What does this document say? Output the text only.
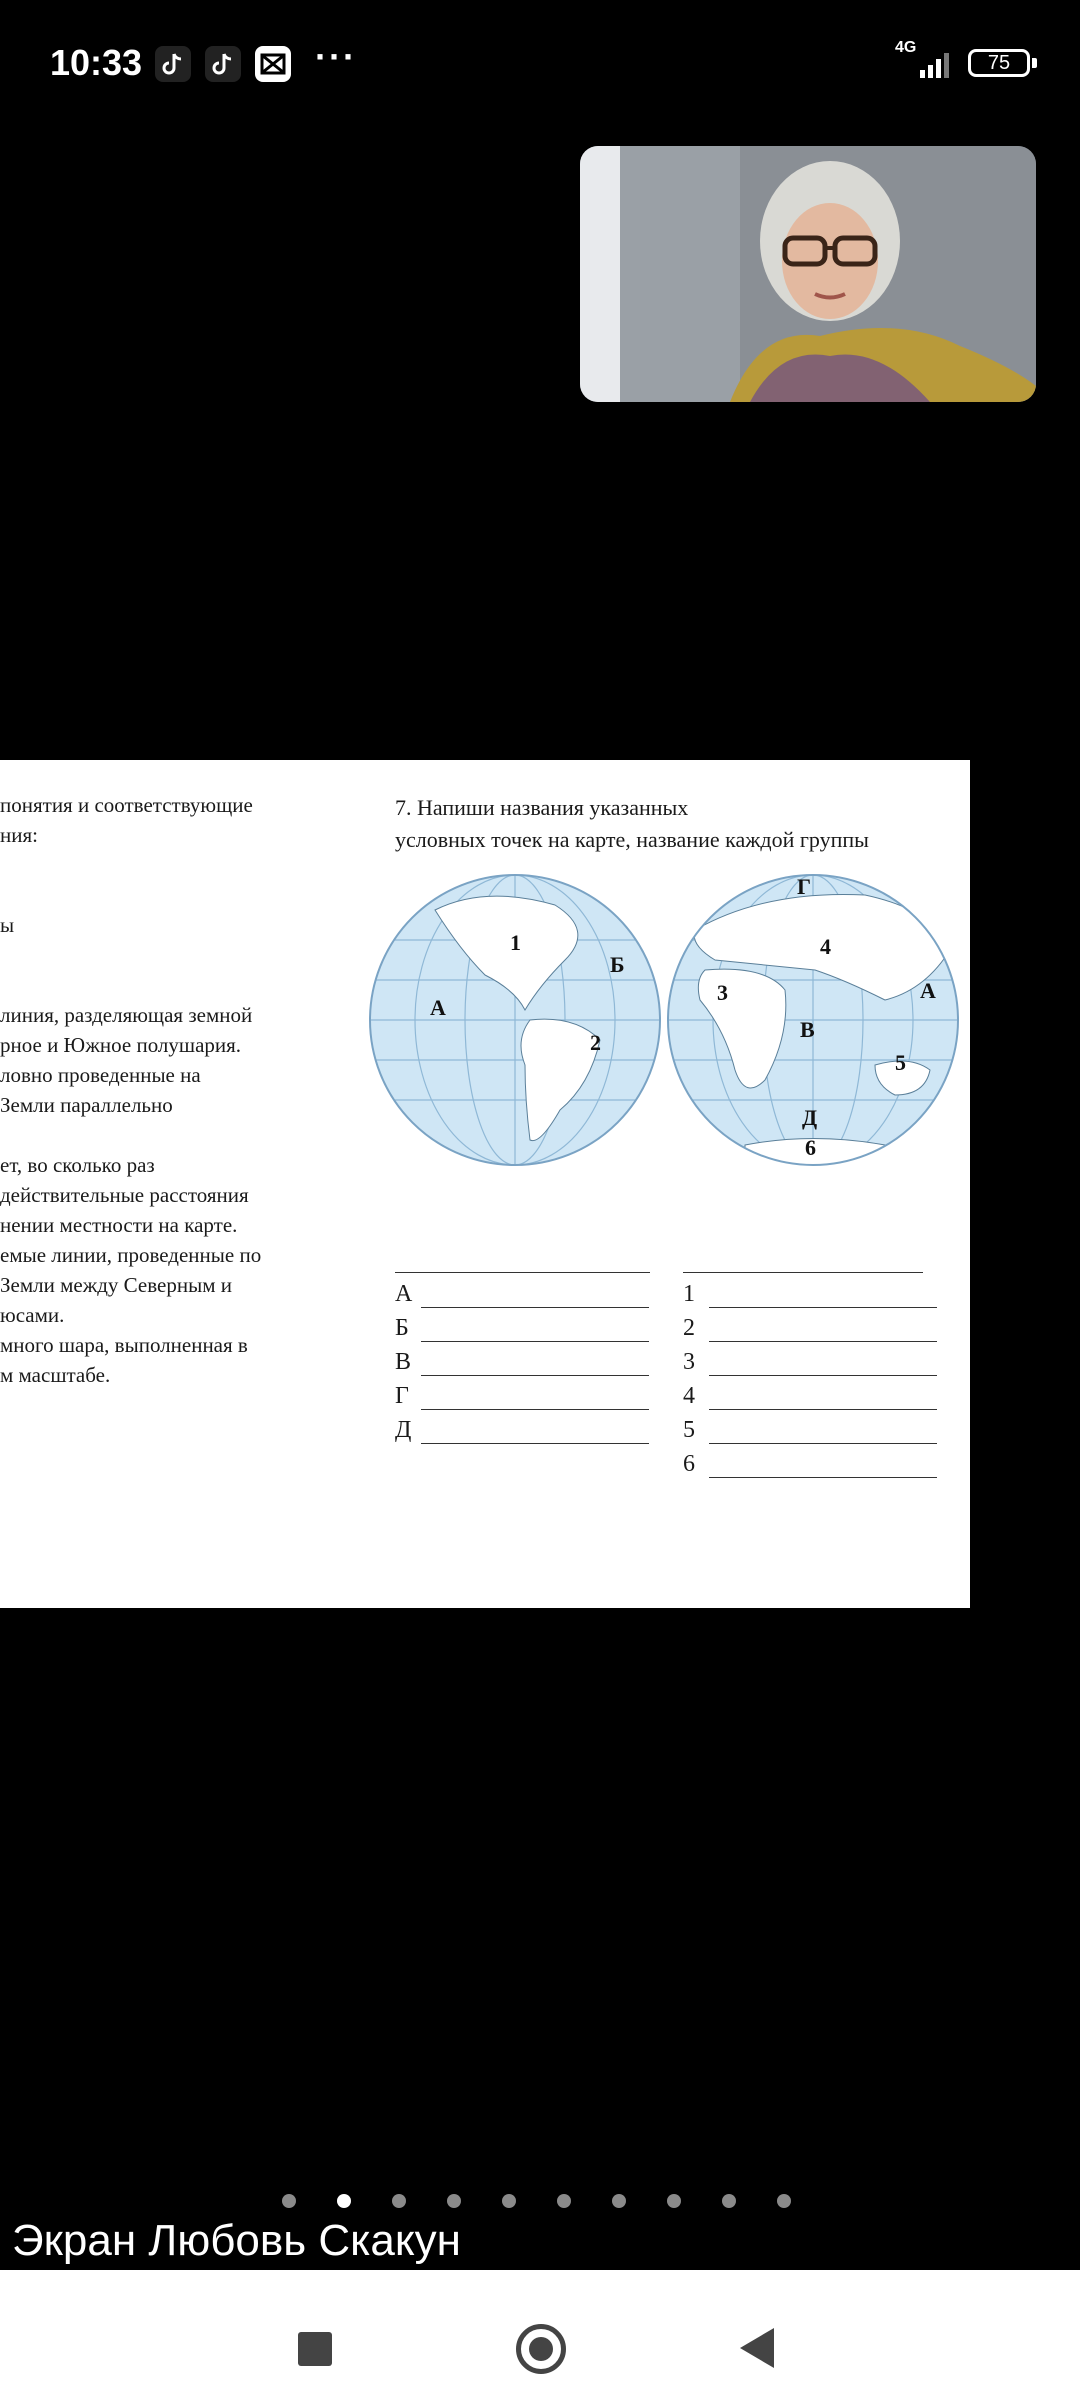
10:33	···	4G
75
понятия и соответствующие
ния:

ы

линия, разделяющая земной
рное и Южное полушария.
ловно проведенные на
Земли параллельно

ет, во сколько раз
действительные расстояния
нении местности на карте.
емые линии, проведенные по
Земли между Северным и
юсами.
много шара, выполненная в
м масштабе.
7. Напиши названия указанных
условных точек на карте, название каждой группы
1
Б
А
2
Г
4
3	А
В
5
Д
6
А
Б
В
Г
Д
1
2
3
4
5
6
Экран Любовь Скакун
